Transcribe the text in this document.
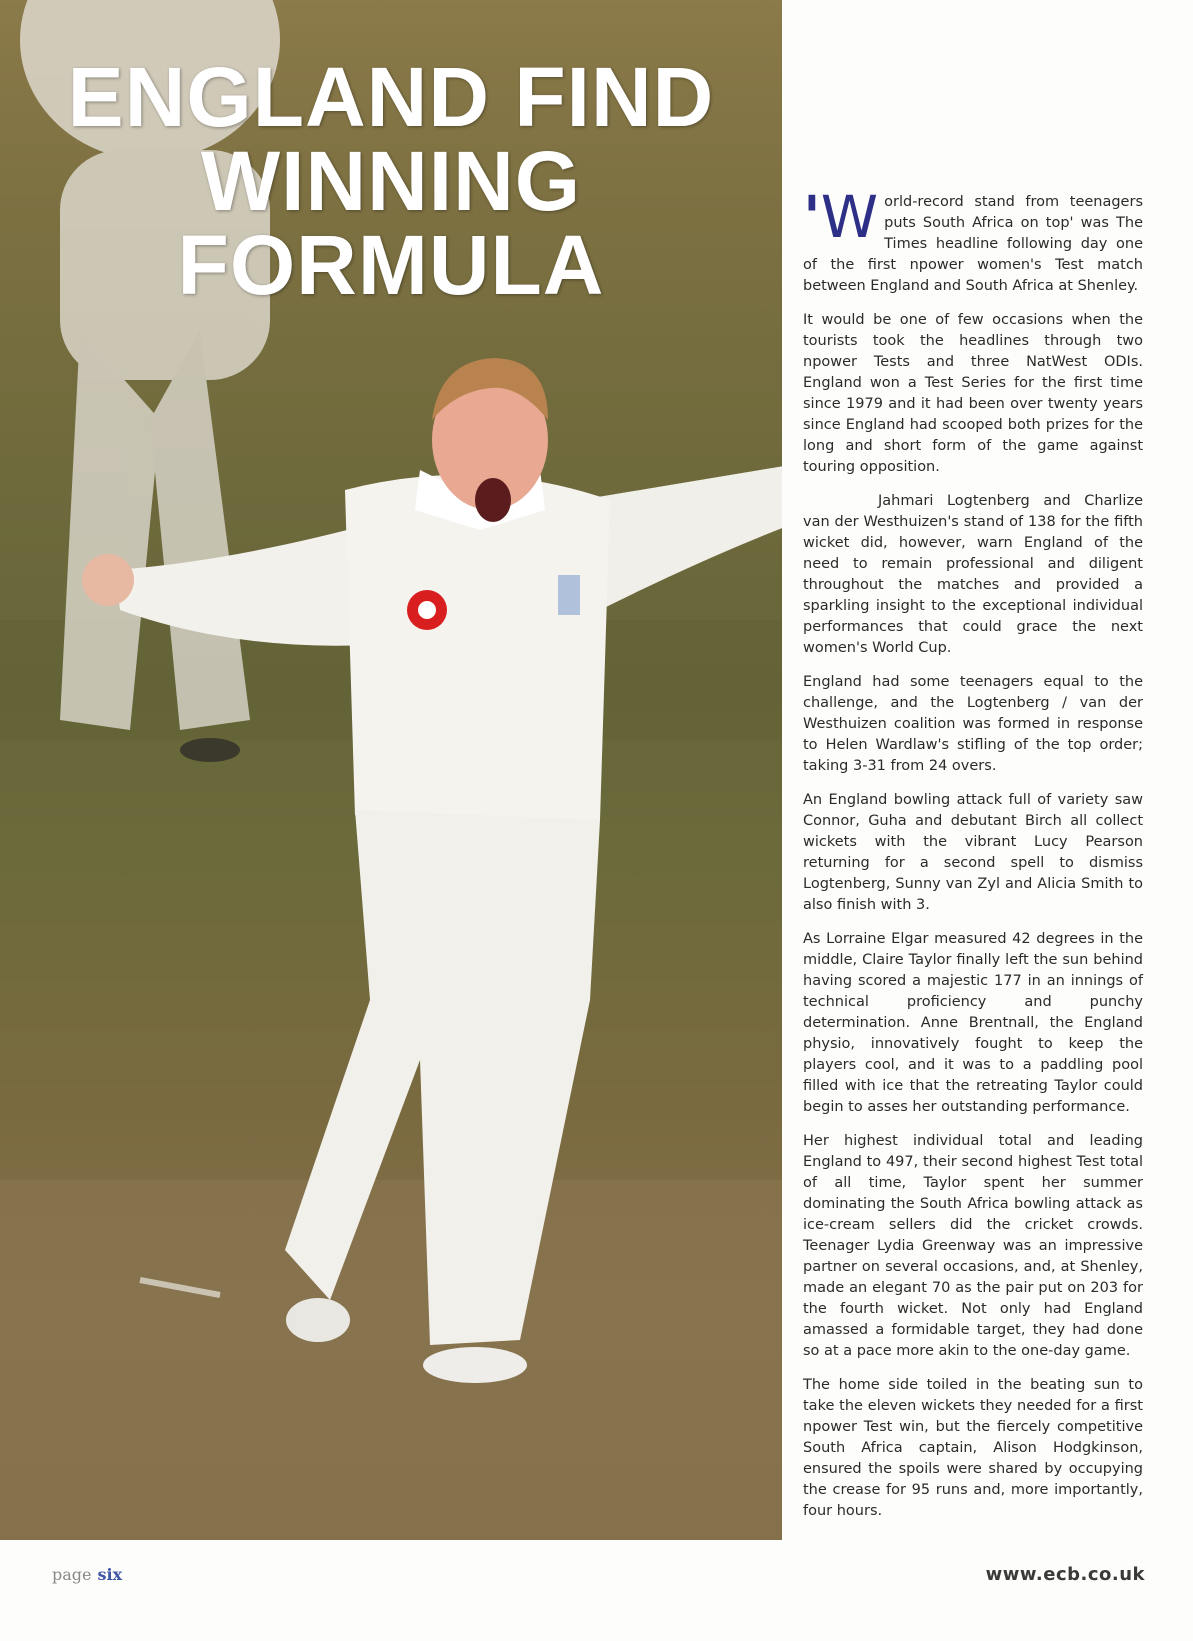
ENGLAND FIND
WINNING
FORMULA

'W orld-record stand from teenagers puts South Africa on top' was The Times headline following day one of the first npower women's Test match between England and South Africa at Shenley.

It would be one of few occasions when the tourists took the headlines through two npower Tests and three NatWest ODIs. England won a Test Series for the first time since 1979 and it had been over twenty years since England had scooped both prizes for the long and short form of the game against touring opposition.

Jahmari Logtenberg and Charlize van der Westhuizen's stand of 138 for the fifth wicket did, however, warn England of the need to remain professional and diligent throughout the matches and provided a sparkling insight to the exceptional individual performances that could grace the next women's World Cup.

England had some teenagers equal to the challenge, and the Logtenberg / van der Westhuizen coalition was formed in response to Helen Wardlaw's stifling of the top order; taking 3-31 from 24 overs.

An England bowling attack full of variety saw Connor, Guha and debutant Birch all collect wickets with the vibrant Lucy Pearson returning for a second spell to dismiss Logtenberg, Sunny van Zyl and Alicia Smith to also finish with 3.

As Lorraine Elgar measured 42 degrees in the middle, Claire Taylor finally left the sun behind having scored a majestic 177 in an innings of technical proficiency and punchy determination. Anne Brentnall, the England physio, innovatively fought to keep the players cool, and it was to a paddling pool filled with ice that the retreating Taylor could begin to asses her outstanding performance.

Her highest individual total and leading England to 497, their second highest Test total of all time, Taylor spent her summer dominating the South Africa bowling attack as ice-cream sellers did the cricket crowds. Teenager Lydia Greenway was an impressive partner on several occasions, and, at Shenley, made an elegant 70 as the pair put on 203 for the fourth wicket. Not only had England amassed a formidable target, they had done so at a pace more akin to the one-day game.

The home side toiled in the beating sun to take the eleven wickets they needed for a first npower Test win, but the fiercely competitive South Africa captain, Alison Hodgkinson, ensured the spoils were shared by occupying the crease for 95 runs and, more importantly, four hours.

page six	www.ecb.co.uk
